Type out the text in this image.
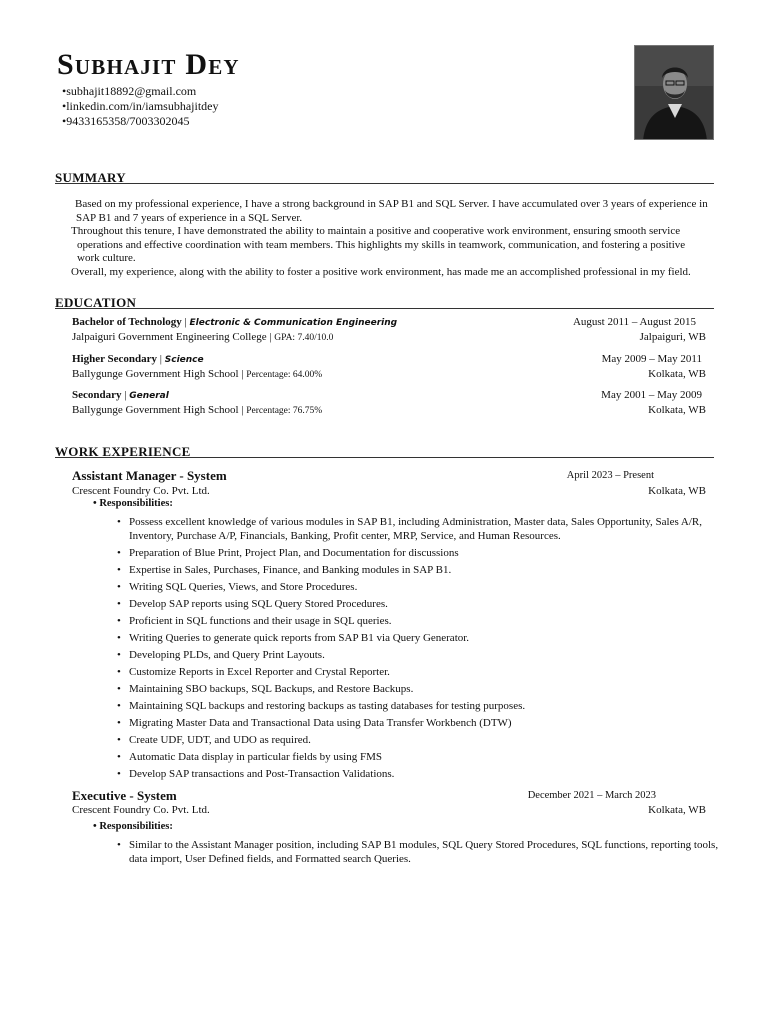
Subhajit Dey
•subhajit18892@gmail.com
•linkedin.com/in/iamsubhajitdey
•9433165358/7003302045
SUMMARY

Based on my professional experience, I have a strong background in SAP B1 and SQL Server. I have accumulated over 3 years of experience in

SAP B1 and 7 years of experience in a SQL Server.

Throughout this tenure, I have demonstrated the ability to maintain a positive and cooperative work environment, ensuring smooth service

operations and effective coordination with team members. This highlights my skills in teamwork, communication, and fostering a positive

work culture.

Overall, my experience, along with the ability to foster a positive work environment, has made me an accomplished professional in my field.

EDUCATION
Bachelor of Technology | Electronic & Communication Engineering	August 2011 – August 2015
Jalpaiguri Government Engineering College | GPA: 7.40/10.0	Jalpaiguri, WB
Higher Secondary | Science	May 2009 – May 2011
Ballygunge Government High School | Percentage: 64.00%	Kolkata, WB
Secondary | General	May 2001 – May 2009
Ballygunge Government High School | Percentage: 76.75%	Kolkata, WB
WORK EXPERIENCE
Assistant Manager - System	April 2023 – Present
Crescent Foundry Co. Pvt. Ltd.	Kolkata, WB
• Responsibilities:
• Possess excellent knowledge of various modules in SAP B1, including Administration, Master data, Sales Opportunity, Sales A/R, Inventory, Purchase A/P, Financials, Banking, Profit center, MRP, Service, and Human Resources.
• Preparation of Blue Print, Project Plan, and Documentation for discussions
• Expertise in Sales, Purchases, Finance, and Banking modules in SAP B1.
• Writing SQL Queries, Views, and Store Procedures.
• Develop SAP reports using SQL Query Stored Procedures.
• Proficient in SQL functions and their usage in SQL queries.
• Writing Queries to generate quick reports from SAP B1 via Query Generator.
• Developing PLDs, and Query Print Layouts.
• Customize Reports in Excel Reporter and Crystal Reporter.
• Maintaining SBO backups, SQL Backups, and Restore Backups.
• Maintaining SQL backups and restoring backups as tasting databases for testing purposes.
• Migrating Master Data and Transactional Data using Data Transfer Workbench (DTW)
• Create UDF, UDT, and UDO as required.
• Automatic Data display in particular fields by using FMS
• Develop SAP transactions and Post-Transaction Validations.
Executive - System	December 2021 – March 2023
Crescent Foundry Co. Pvt. Ltd.	Kolkata, WB
• Responsibilities:
• Similar to the Assistant Manager position, including SAP B1 modules, SQL Query Stored Procedures, SQL functions, reporting tools, data import, User Defined fields, and Formatted search Queries.
